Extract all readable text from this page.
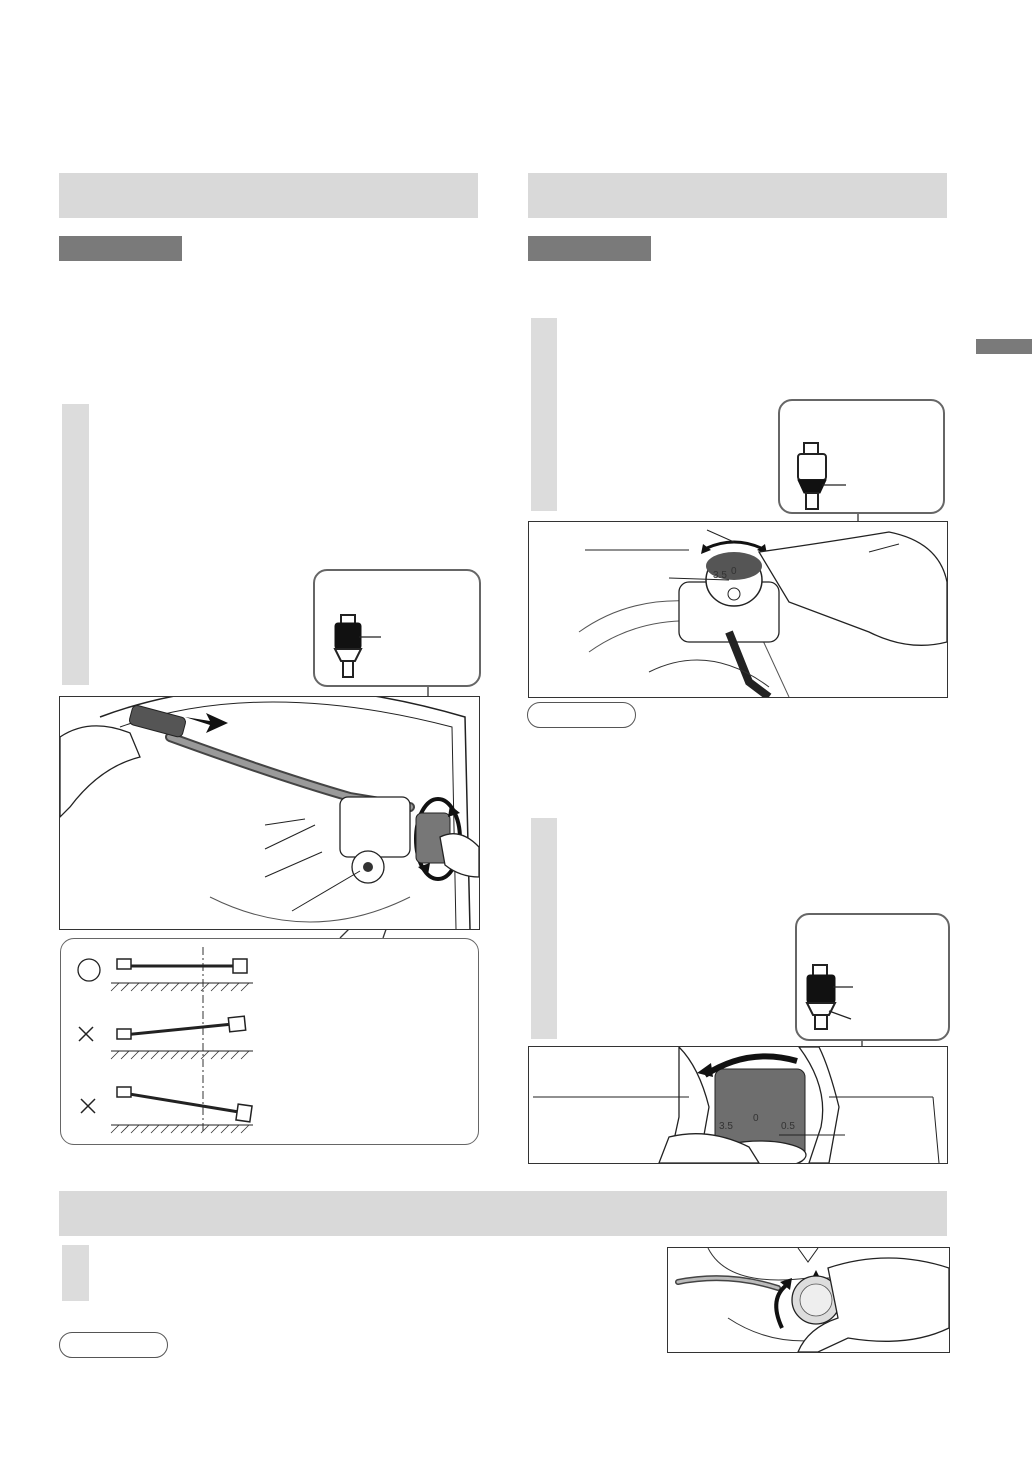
3.5 0
3.5
0
0.5
